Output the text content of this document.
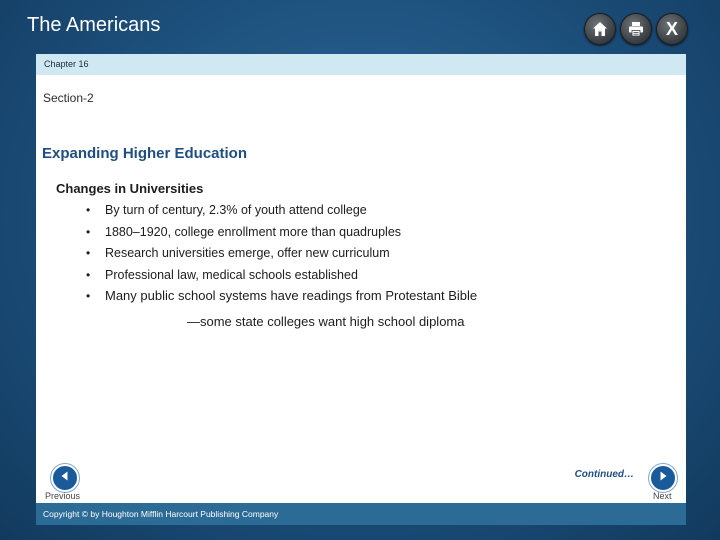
The Americans	X
Chapter 16
Section-2
Expanding Higher Education
Changes in Universities
• By turn of century, 2.3% of youth attend college
• 1880–1920, college enrollment more than quadruples
• Research universities emerge, offer new curriculum
• Professional law, medical schools established
• Many public school systems have readings from Protestant Bible
—some state colleges want high school diploma
Continued…
Previous	Next
Copyright © by Houghton Mifflin Harcourt Publishing Company
